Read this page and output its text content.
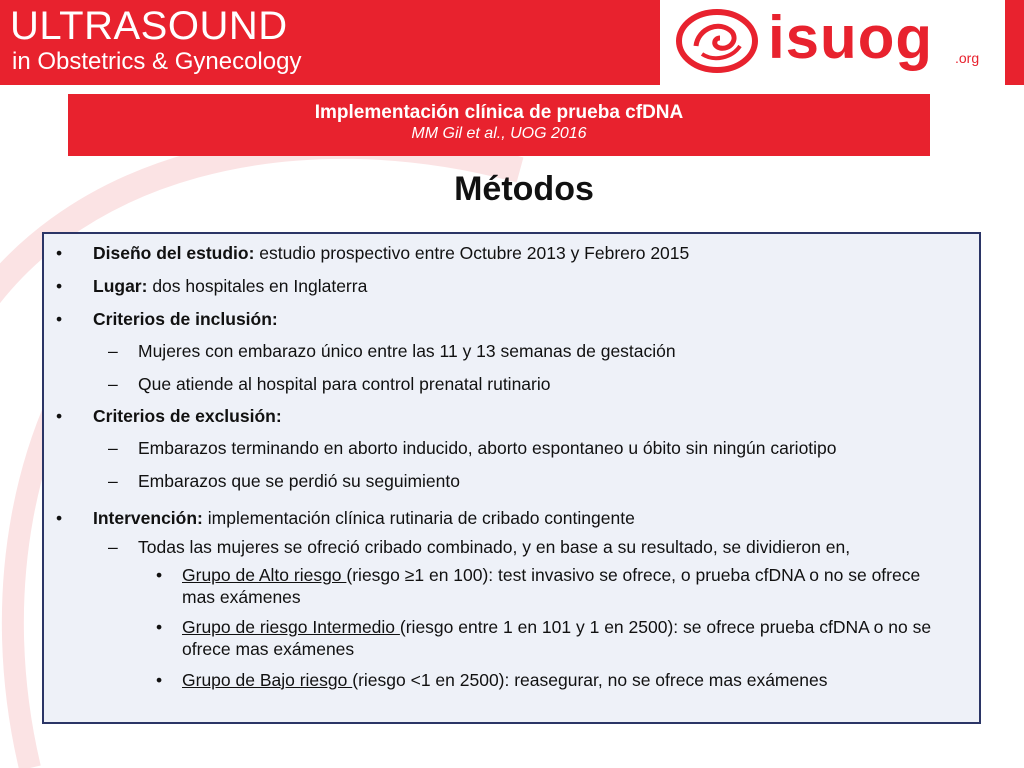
ULTRASOUND
in Obstetrics & Gynecology	isuog .org
Implementación clínica de prueba cfDNA
MM Gil et al., UOG 2016
Métodos
• Diseño del estudio: estudio prospectivo entre Octubre 2013 y Febrero 2015
• Lugar: dos hospitales en Inglaterra
• Criterios de inclusión:
– Mujeres con embarazo único entre las 11 y 13 semanas de gestación
– Que atiende al hospital para control prenatal rutinario
• Criterios de exclusión:
– Embarazos terminando en aborto inducido, aborto espontaneo u óbito sin ningún cariotipo
– Embarazos que se perdió su seguimiento
• Intervención: implementación clínica rutinaria de cribado contingente
– Todas las mujeres se ofreció cribado combinado, y en base a su resultado, se dividieron en,
• Grupo de Alto riesgo (riesgo ≥1 en 100): test invasivo se ofrece, o prueba cfDNA o no se ofrece mas exámenes
• Grupo de riesgo Intermedio (riesgo entre 1 en 101 y 1 en 2500): se ofrece prueba cfDNA o no se ofrece mas exámenes
• Grupo de Bajo riesgo (riesgo <1 en 2500): reasegurar, no se ofrece mas exámenes
